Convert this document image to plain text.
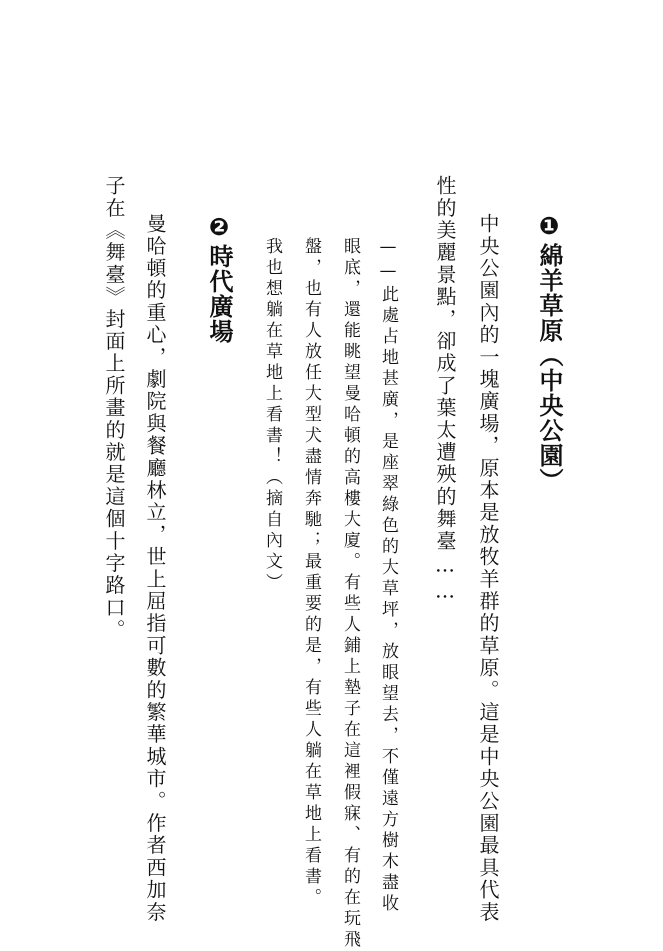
❶綿羊草原（中央公園）
中央公園內的一塊廣場，原本是放牧羊群的草原。這是中央公園最具代表
性的美麗景點，卻成了葉太遭殃的舞臺……
——此處占地甚廣，是座翠綠色的大草坪，放眼望去，不僅遠方樹木盡收
眼底，還能眺望曼哈頓的高樓大廈。有些人鋪上墊子在這裡假寐、有的在玩飛
盤，也有人放任大型犬盡情奔馳；最重要的是，有些人躺在草地上看書。
我也想躺在草地上看書！（摘自內文）
❷時代廣場
曼哈頓的重心，劇院與餐廳林立，世上屈指可數的繁華城市。作者西加奈
子在《舞臺》封面上所畫的就是這個十字路口。
